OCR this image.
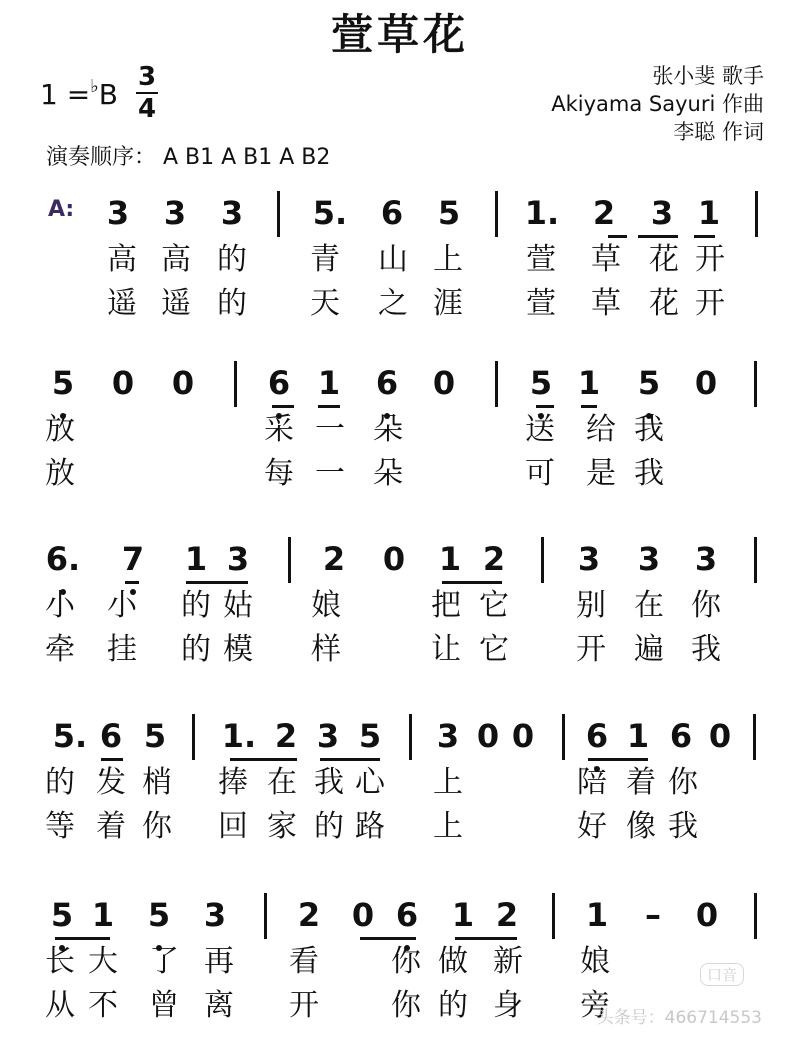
萱草花
1 =♭B
3
4
张小斐 歌手
Akiyama Sayuri 作曲
李聪 作词
演奏顺序： A B1 A B1 A B2
A: 3 3 3 5. 6 5 1. 2 3 1
高 高 的 青 山 上 萱 草 花 开
遥 遥 的 天 之 涯 萱 草 花 开
5 0 0 6 1 6 0 5 1 5 0
放	采 一 朵	送 给 我
放	每 一 朵	可 是 我
6. 7 1 3 2 0 1 2 3 3 3
小 小 的 姑 娘	把 它 别 在 你
牵 挂 的 模 样	让 它 开 遍 我
5. 6 5 1. 2 3 5 3 0 0 6 1 6 0
的 发 梢 捧 在 我 心 上	陪 着 你
等 着 你 回 家 的 路 上	好 像 我
5 1 5 3 2 0 6 1 2 1 – 0
长 大 了 再 看 你 做 新 娘
从 不 曾 离 开 你 的 身 旁
口音
头条号：466714553
